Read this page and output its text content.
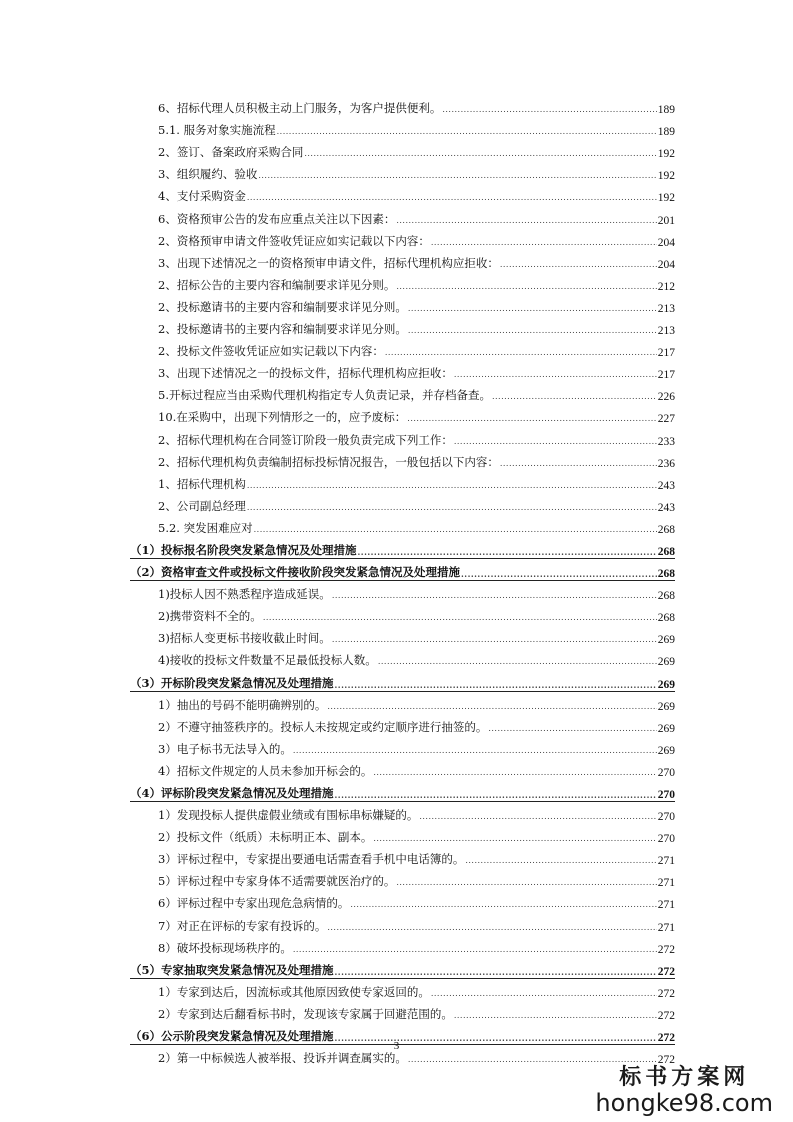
6、招标代理人员积极主动上门服务，为客户提供便利。 .....	189
5.1. 服务对象实施流程 .....	189
2、签订、备案政府采购合同 .....	192
3、组织履约、验收 .....	192
4、支付采购资金 .....	192
6、资格预审公告的发布应重点关注以下因素： .....	201
2、资格预审申请文件签收凭证应如实记载以下内容： .....	204
3、出现下述情况之一的资格预审申请文件，招标代理机构应拒收： .....	204
2、招标公告的主要内容和编制要求详见分则。 .....	212
2、投标邀请书的主要内容和编制要求详见分则。 .....	213
2、投标邀请书的主要内容和编制要求详见分则。 .....	213
2、投标文件签收凭证应如实记载以下内容： .....	217
3、出现下述情况之一的投标文件，招标代理机构应拒收： .....	217
5.开标过程应当由采购代理机构指定专人负责记录，并存档备查。 .....	226
10.在采购中，出现下列情形之一的，应予废标： .....	227
2、招标代理机构在合同签订阶段一般负责完成下列工作： .....	233
2、招标代理机构负责编制招标投标情况报告，一般包括以下内容： .....	236
1、招标代理机构 .....	243
2、公司副总经理 .....	243
5.2. 突发困难应对 .....	268
（1）投标报名阶段突发紧急情况及处理措施 .....	268
（2）资格审查文件或投标文件接收阶段突发紧急情况及处理措施 .....	268
1)投标人因不熟悉程序造成延误。 .....	268
2)携带资料不全的。 .....	268
3)招标人变更标书接收截止时间。 .....	269
4)接收的投标文件数量不足最低投标人数。 .....	269
（3）开标阶段突发紧急情况及处理措施 .....	269
1）抽出的号码不能明确辨别的。 .....	269
2）不遵守抽签秩序的。投标人未按规定或约定顺序进行抽签的。 .....	269
3）电子标书无法导入的。 .....	269
4）招标文件规定的人员未参加开标会的。 .....	270
（4）评标阶段突发紧急情况及处理措施 .....	270
1）发现投标人提供虚假业绩或有围标串标嫌疑的。 .....	270
2）投标文件（纸质）未标明正本、副本。 .....	270
3）评标过程中，专家提出要通电话需查看手机中电话簿的。 .....	271
5）评标过程中专家身体不适需要就医治疗的。 .....	271
6）评标过程中专家出现危急病情的。 .....	271
7）对正在评标的专家有投诉的。 .....	271
8）破坏投标现场秩序的。 .....	272
（5）专家抽取突发紧急情况及处理措施 .....	272
1）专家到达后，因流标或其他原因致使专家返回的。 .....	272
2）专家到达后翻看标书时，发现该专家属于回避范围的。 .....	272
（6）公示阶段突发紧急情况及处理措施 .....	272
2）第一中标候选人被举报、投诉并调查属实的。 .....	272
3
标书方案网
hongke98.com
